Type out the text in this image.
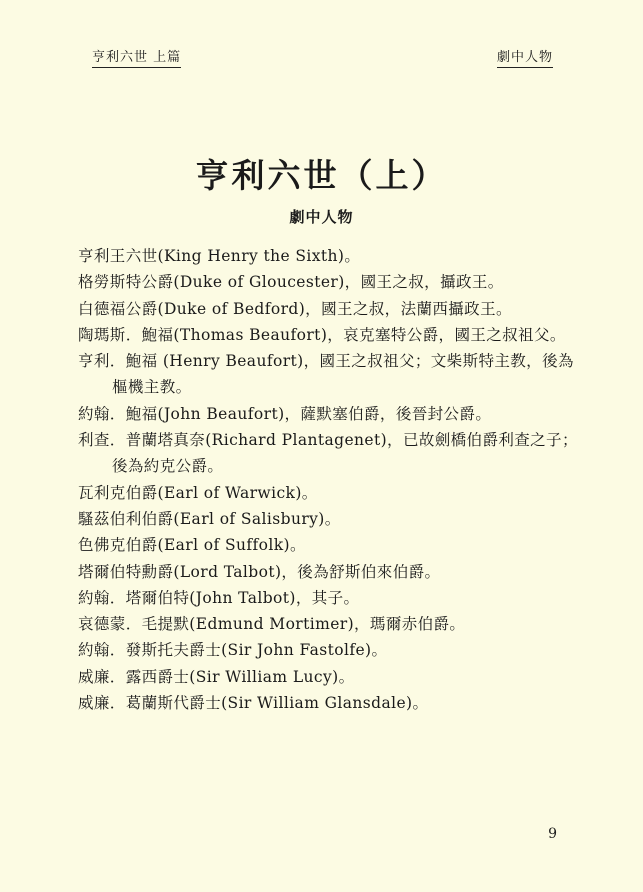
亨利六世 上篇	劇中人物
亨利六世（上）
劇中人物
亨利王六世(King Henry the Sixth)。
格勞斯特公爵(Duke of Gloucester)，國王之叔，攝政王。
白德福公爵(Duke of Bedford)，國王之叔，法蘭西攝政王。
陶瑪斯．鮑福(Thomas Beaufort)，哀克塞特公爵，國王之叔祖父。
亨利．鮑福 (Henry Beaufort)，國王之叔祖父；文柴斯特主教，後為樞機主教。
約翰．鮑福(John Beaufort)，薩默塞伯爵，後晉封公爵。
利查．普蘭塔真奈(Richard Plantagenet)，已故劍橋伯爵利查之子；後為約克公爵。
瓦利克伯爵(Earl of Warwick)。
騷茲伯利伯爵(Earl of Salisbury)。
色佛克伯爵(Earl of Suffolk)。
塔爾伯特勳爵(Lord Talbot)，後為舒斯伯來伯爵。
約翰．塔爾伯特(John Talbot)，其子。
哀德蒙．毛提默(Edmund Mortimer)，瑪爾赤伯爵。
約翰．發斯托夫爵士(Sir John Fastolfe)。
威廉．露西爵士(Sir William Lucy)。
威廉．葛蘭斯代爵士(Sir William Glansdale)。
9
